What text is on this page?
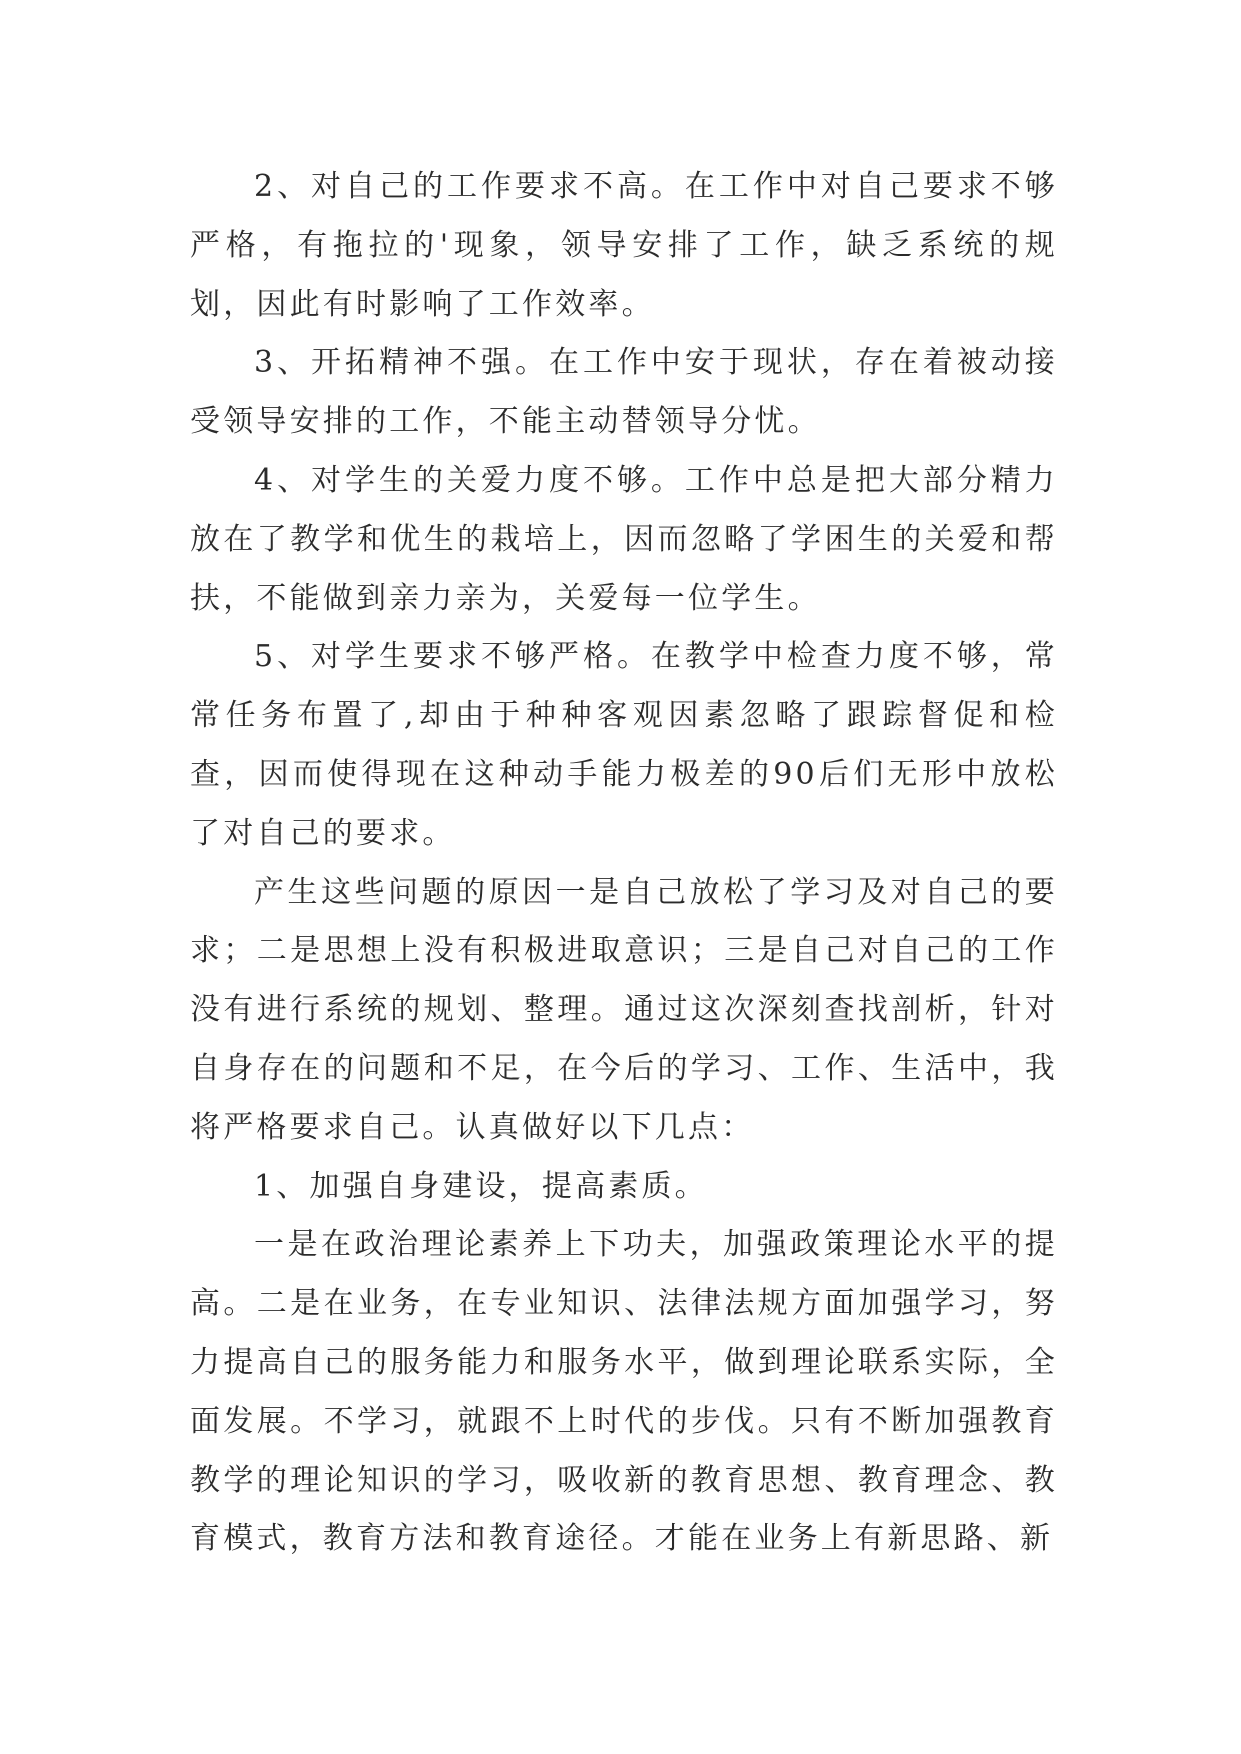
2、对自己的工作要求不高。在工作中对自己要求不够严格，有拖拉的'现象，领导安排了工作，缺乏系统的规划，因此有时影响了工作效率。

3、开拓精神不强。在工作中安于现状，存在着被动接受领导安排的工作，不能主动替领导分忧。

4、对学生的关爱力度不够。工作中总是把大部分精力放在了教学和优生的栽培上，因而忽略了学困生的关爱和帮扶，不能做到亲力亲为，关爱每一位学生。

5、对学生要求不够严格。在教学中检查力度不够，常常任务布置了,却由于种种客观因素忽略了跟踪督促和检查，因而使得现在这种动手能力极差的90后们无形中放松了对自己的要求。

产生这些问题的原因一是自己放松了学习及对自己的要求；二是思想上没有积极进取意识；三是自己对自己的工作没有进行系统的规划、整理。通过这次深刻查找剖析，针对自身存在的问题和不足，在今后的学习、工作、生活中，我将严格要求自己。认真做好以下几点：

1、加强自身建设，提高素质。

一是在政治理论素养上下功夫，加强政策理论水平的提高。二是在业务，在专业知识、法律法规方面加强学习，努力提高自己的服务能力和服务水平，做到理论联系实际，全面发展。不学习，就跟不上时代的步伐。只有不断加强教育教学的理论知识的学习，吸收新的教育思想、教育理念、教育模式，教育方法和教育途径。才能在业务上有新思路、新
